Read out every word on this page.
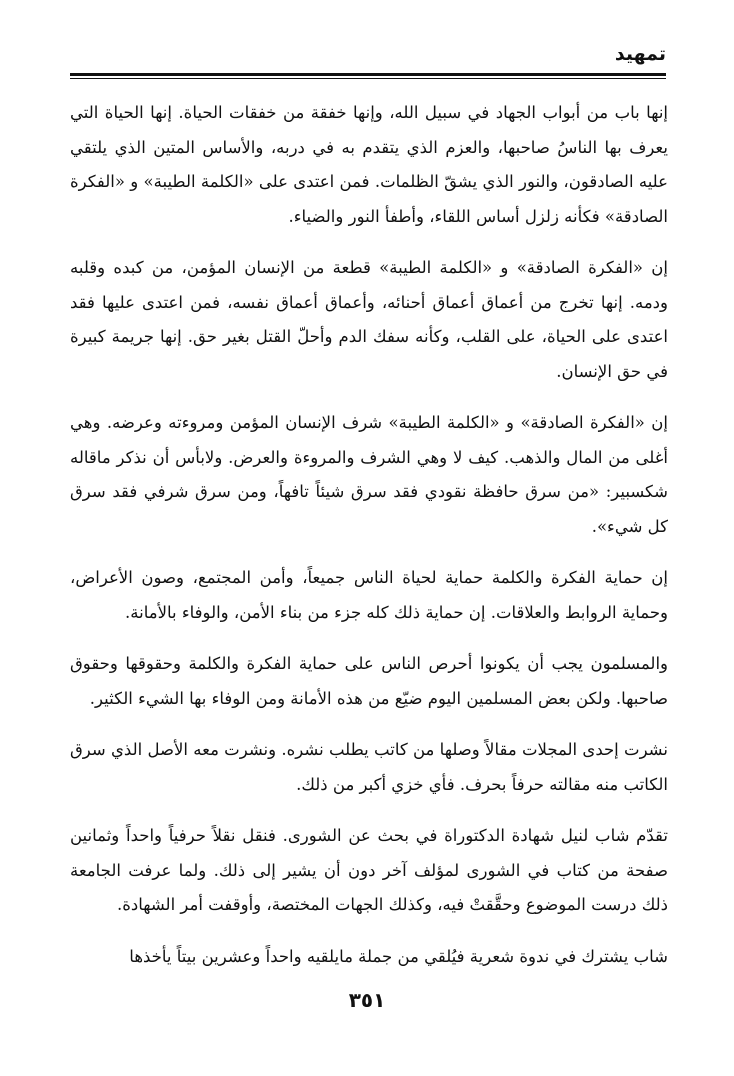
تمهيد

إنها باب من أبواب الجهاد في سبيل الله، وإنها خفقة من خفقات الحياة. إنها الحياة التي يعرف بها الناسُ صاحبها، والعزم الذي يتقدم به في دربه، والأساس المتين الذي يلتقي عليه الصادقون، والنور الذي يشقّ الظلمات. فمن اعتدى على «الكلمة الطيبة» و «الفكرة الصادقة» فكأنه زلزل أساس اللقاء، وأطفأ النور والضياء.

إن «الفكرة الصادقة» و «الكلمة الطيبة» قطعة من الإنسان المؤمن، من كبده وقلبه ودمه. إنها تخرج من أعماق أعماق أحنائه، وأعماق أعماق نفسه، فمن اعتدى عليها فقد اعتدى على الحياة، على القلب، وكأنه سفك الدم وأحلّ القتل بغير حق. إنها جريمة كبيرة في حق الإنسان.

إن «الفكرة الصادقة» و «الكلمة الطيبة» شرف الإنسان المؤمن ومروءته وعرضه. وهي أغلى من المال والذهب. كيف لا وهي الشرف والمروءة والعرض. ولابأس أن نذكر ماقاله شكسبير: «من سرق حافظة نقودي فقد سرق شيئاً تافهاً، ومن سرق شرفي فقد سرق كل شيء».

إن حماية الفكرة والكلمة حماية لحياة الناس جميعاً، وأمن المجتمع، وصون الأعراض، وحماية الروابط والعلاقات. إن حماية ذلك كله جزء من بناء الأمن، والوفاء بالأمانة.

والمسلمون يجب أن يكونوا أحرص الناس على حماية الفكرة والكلمة وحقوقها وحقوق صاحبها. ولكن بعض المسلمين اليوم ضيّع من هذه الأمانة ومن الوفاء بها الشيء الكثير.

نشرت إحدى المجلات مقالاً وصلها من كاتب يطلب نشره. ونشرت معه الأصل الذي سرق الكاتب منه مقالته حرفاً بحرف. فأي خزي أكبر من ذلك.

تقدّم شاب لنيل شهادة الدكتوراة في بحث عن الشورى. فنقل نقلاً حرفياً واحداً وثمانين صفحة من كتاب في الشورى لمؤلف آخر دون أن يشير إلى ذلك. ولما عرفت الجامعة ذلك درست الموضوع وحقَّقتْ فيه، وكذلك الجهات المختصة، وأوقفت أمر الشهادة.

شاب يشترك في ندوة شعرية فيُلقي من جملة مايلقيه واحداً وعشرين بيتاً يأخذها

٣٥١
